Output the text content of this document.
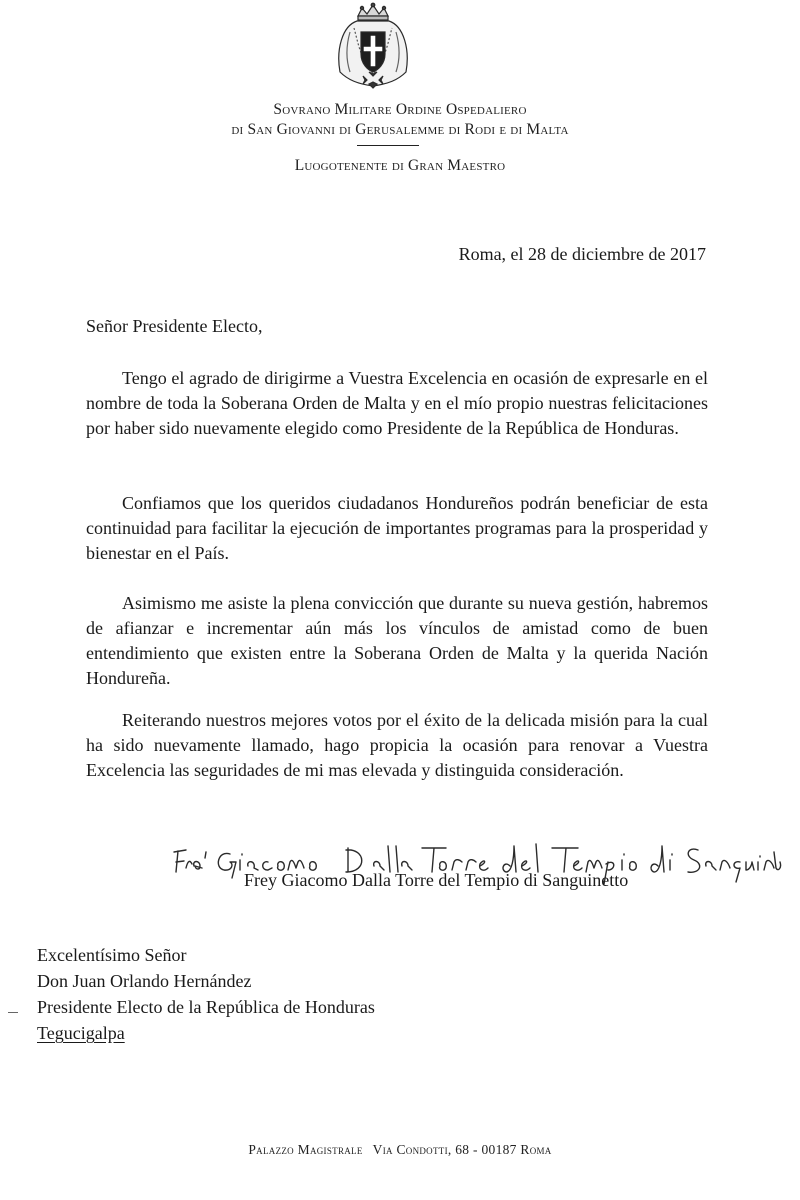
Sovrano Militare Ordine Ospedaliero
di San Giovanni di Gerusalemme di Rodi e di Malta
Luogotenente di Gran Maestro
Roma, el 28 de diciembre de 2017
Señor Presidente Electo,

Tengo el agrado de dirigirme a Vuestra Excelencia en ocasión de expresarle en el nombre de toda la Soberana Orden de Malta y en el mío propio nuestras felicitaciones por haber sido nuevamente elegido como Presidente de la República de Honduras.

Confiamos que los queridos ciudadanos Hondureños podrán beneficiar de esta continuidad para facilitar la ejecución de importantes programas para la prosperidad y bienestar en el País.

Asimismo me asiste la plena convicción que durante su nueva gestión, habremos de afianzar e incrementar aún más los vínculos de amistad como de buen entendimiento que existen entre la Soberana Orden de Malta y la querida Nación Hondureña.

Reiterando nuestros mejores votos por el éxito de la delicada misión para la cual ha sido nuevamente llamado, hago propicia la ocasión para renovar a Vuestra Excelencia las seguridades de mi mas elevada y distinguida consideración.

Frey Giacomo Dalla Torre del Tempio di Sanguinetto
Excelentísimo Señor
Don Juan Orlando Hernández
Presidente Electo de la República de Honduras
Tegucigalpa
Palazzo Magistrale Via Condotti, 68 - 00187 Roma
